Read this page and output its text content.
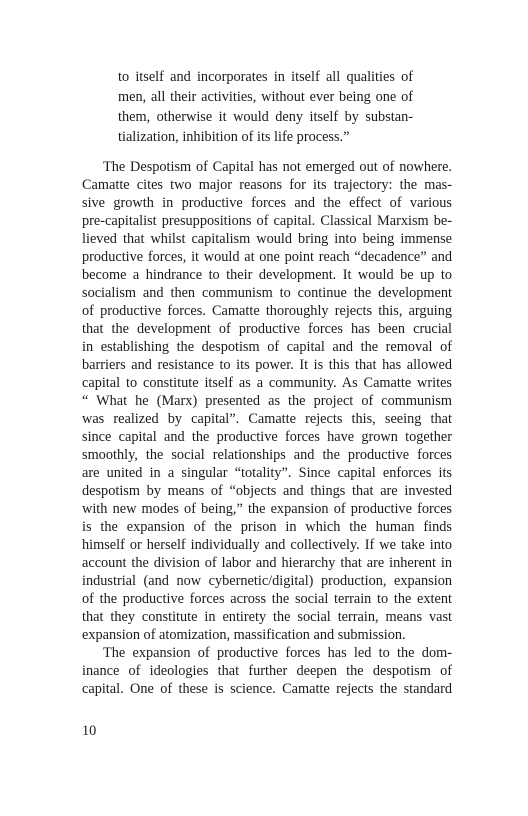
to itself and incorporates in itself all qualities of
men, all their activities, without ever being one of
them, otherwise it would deny itself by substan-
tialization, inhibition of its life process.”
The Despotism of Capital has not emerged out of nowhere.
Camatte cites two major reasons for its trajectory: the mas-
sive growth in productive forces and the effect of various
pre-capitalist presuppositions of capital. Classical Marxism be-
lieved that whilst capitalism would bring into being immense
productive forces, it would at one point reach “decadence” and
become a hindrance to their development. It would be up to
socialism and then communism to continue the development
of productive forces. Camatte thoroughly rejects this, arguing
that the development of productive forces has been crucial
in establishing the despotism of capital and the removal of
barriers and resistance to its power. It is this that has allowed
capital to constitute itself as a community. As Camatte writes
“ What he (Marx) presented as the project of communism
was realized by capital”. Camatte rejects this, seeing that
since capital and the productive forces have grown together
smoothly, the social relationships and the productive forces
are united in a singular “totality”. Since capital enforces its
despotism by means of “objects and things that are invested
with new modes of being,” the expansion of productive forces
is the expansion of the prison in which the human finds
himself or herself individually and collectively. If we take into
account the division of labor and hierarchy that are inherent in
industrial (and now cybernetic/digital) production, expansion
of the productive forces across the social terrain to the extent
that they constitute in entirety the social terrain, means vast
expansion of atomization, massification and submission.
The expansion of productive forces has led to the dom-
inance of ideologies that further deepen the despotism of
capital. One of these is science. Camatte rejects the standard
10
